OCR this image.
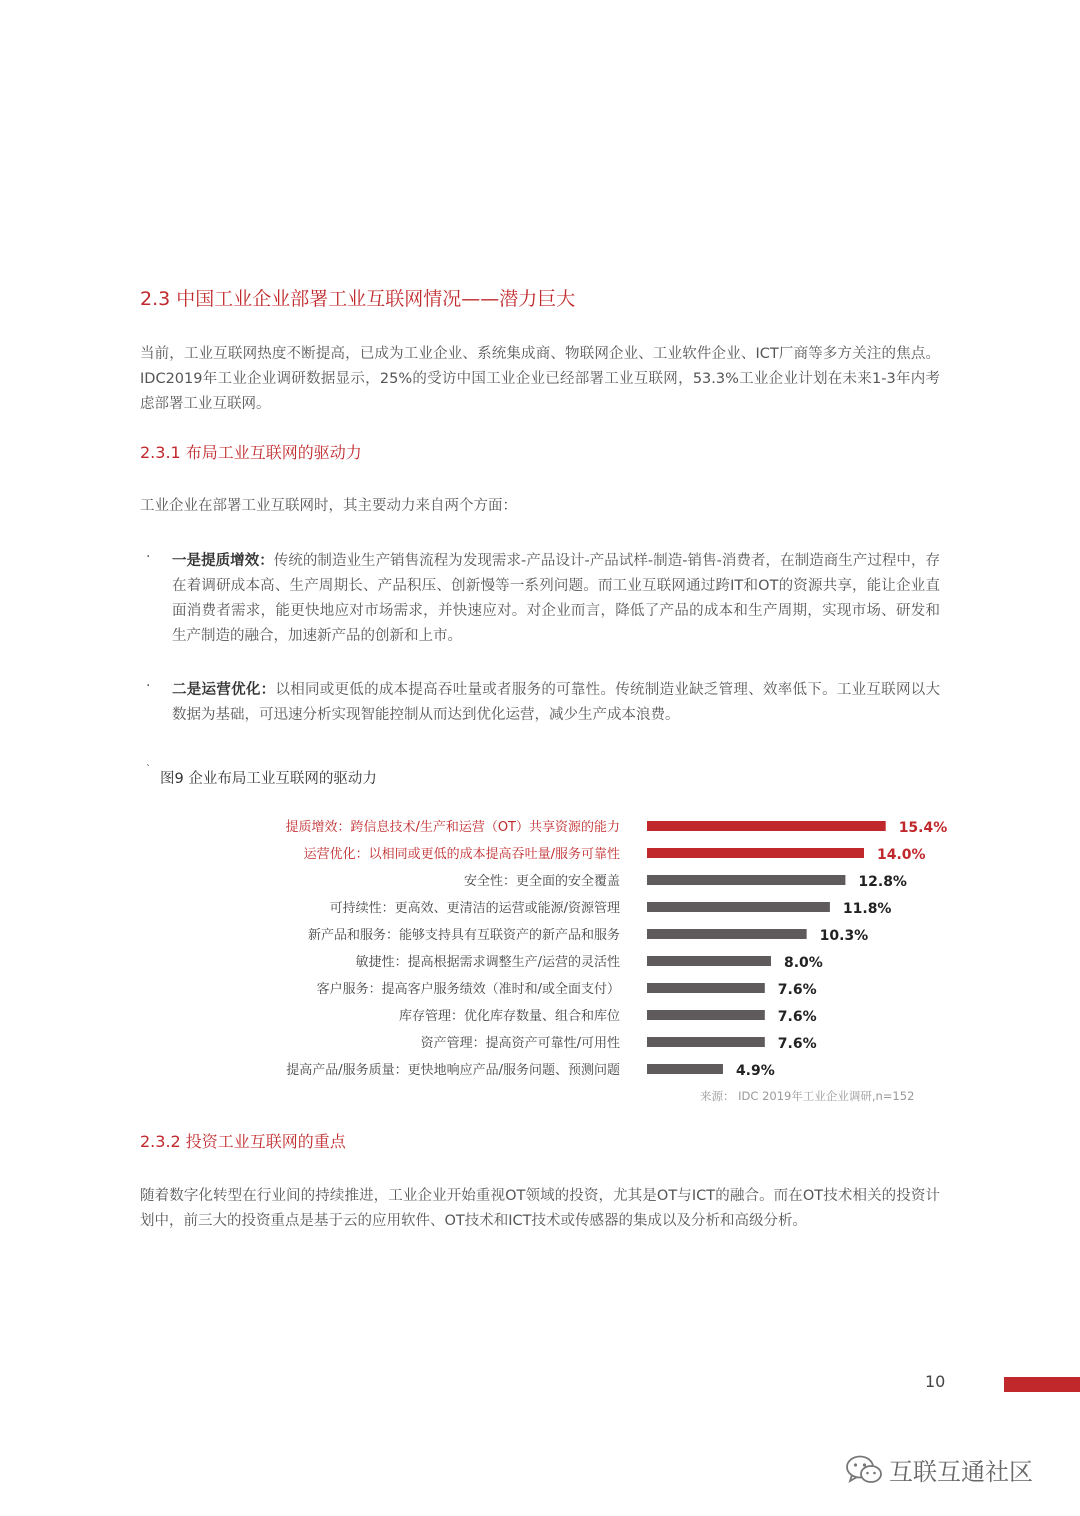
2.3 中国工业企业部署工业互联网情况——潜力巨大
当前，工业互联网热度不断提高，已成为工业企业、系统集成商、物联网企业、工业软件企业、ICT厂商等多方关注的焦点。IDC2019年工业企业调研数据显示，25%的受访中国工业企业已经部署工业互联网，53.3%工业企业计划在未来1-3年内考虑部署工业互联网。
2.3.1 布局工业互联网的驱动力
工业企业在部署工业互联网时，其主要动力来自两个方面：
· 一是提质增效：传统的制造业生产销售流程为发现需求-产品设计-产品试样-制造-销售-消费者，在制造商生产过程中，存在着调研成本高、生产周期长、产品积压、创新慢等一系列问题。而工业互联网通过跨IT和OT的资源共享，能让企业直面消费者需求，能更快地应对市场需求，并快速应对。对企业而言，降低了产品的成本和生产周期，实现市场、研发和生产制造的融合，加速新产品的创新和上市。
· 二是运营优化：以相同或更低的成本提高吞吐量或者服务的可靠性。传统制造业缺乏管理、效率低下。工业互联网以大数据为基础，可迅速分析实现智能控制从而达到优化运营，减少生产成本浪费。
`
图9 企业布局工业互联网的驱动力
提质增效：跨信息技术/生产和运营（OT）共享资源的能力	15.4%
运营优化：以相同或更低的成本提高吞吐量/服务可靠性	14.0%
安全性：更全面的安全覆盖	12.8%
可持续性：更高效、更清洁的运营或能源/资源管理	11.8%
新产品和服务：能够支持具有互联资产的新产品和服务	10.3%
敏捷性：提高根据需求调整生产/运营的灵活性	8.0%
客户服务：提高客户服务绩效（准时和/或全面支付）	7.6%
库存管理：优化库存数量、组合和库位	7.6%
资产管理：提高资产可靠性/可用性	7.6%
提高产品/服务质量：更快地响应产品/服务问题、预测问题	4.9%
来源： IDC 2019年工业企业调研,n=152
2.3.2 投资工业互联网的重点
随着数字化转型在行业间的持续推进，工业企业开始重视OT领域的投资，尤其是OT与ICT的融合。而在OT技术相关的投资计划中，前三大的投资重点是基于云的应用软件、OT技术和ICT技术或传感器的集成以及分析和高级分析。
10
互联互通社区
